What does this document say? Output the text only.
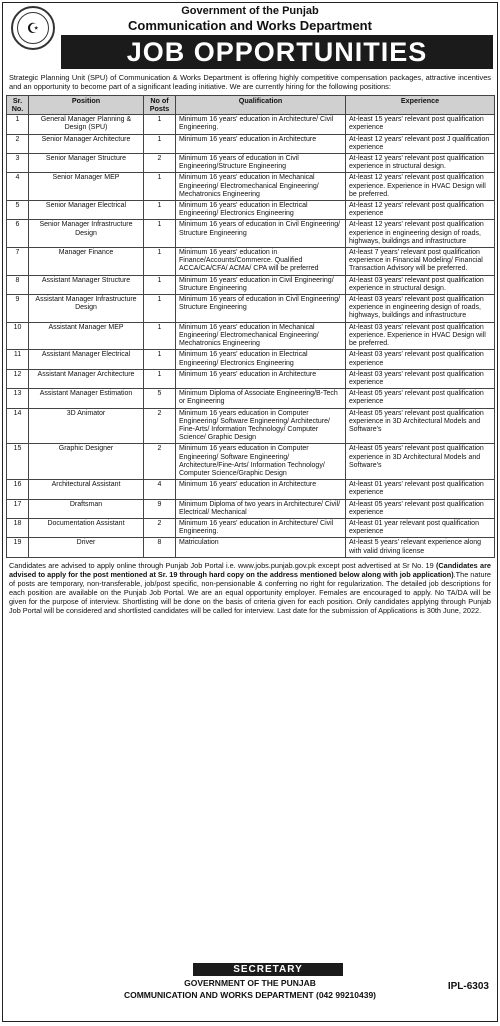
☪
Government of the Punjab
Communication and Works Department
JOB OPPORTUNITIES
Strategic Planning Unit (SPU) of Communication & Works Department is offering highly competitive compensation packages, attractive incentives and an opportunity to become part of a significant leading initiative. We are currently hiring for the following positions:
Sr. No.	Position	No of Posts	Qualification	Experience
1	General Manager Planning & Design (SPU)	1	Minimum 16 years' education in Architecture/ Civil Engineering.	At-least 15 years' relevant post qualification experience
2	Senior Manager Architecture	1	Minimum 16 years' education in Architecture	At-least 12 years' relevant post J qualification experience
3	Senior Manager Structure	2	Minimum 16 years of education in Civil Engineering/Structure Engineering	At-least 12 years' relevant post qualification experience in structural design.
4	Senior Manager MEP	1	Minimum 16 years' education in Mechanical Engineering/ Electromechanical Engineering/ Mechatronics Engineering	At-least 12 years' relevant post qualification experience. Experience in HVAC Design will be preferred.
5	Senior Manager Electrical	1	Minimum 16 years' education in Electrical Engineering/ Electronics Engineering	At-least 12 years' relevant post qualification experience
6	Senior Manager Infrastructure Design	1	Minimum 16 years of education in Civil Engineering/ Structure Engineering	At-least 12 years' relevant post qualification experience in engineering design of roads, highways, buildings and infrastructure
7	Manager Finance	1	Minimum 16 years' education in Finance/Accounts/Commerce. Qualified ACCA/CA/CFA/ ACMA/ CPA will be preferred	At-least 7 years' relevant post qualification experience in Financial Modeling/ Financial Transaction Advisory will be preferred.
8	Assistant Manager Structure	1	Minimum 16 years' education in Civil Engineering/ Structure Engineering	At-least 03 years' relevant post qualification experience in structural design.
9	Assistant Manager Infrastructure Design	1	Minimum 16 years of education in Civil Engineering/ Structure Engineering	At-least 03 years' relevant post qualification experience in engineering design of roads, highways, buildings and infrastructure
10	Assistant Manager MEP	1	Minimum 16 years' education in Mechanical Engineering/ Electromechanical Engineering/ Mechatronics Engineering	At-least 03 years' relevant post qualification experience. Experience in HVAC Design will be preferred.
11	Assistant Manager Electrical	1	Minimum 16 years' education in Electrical Engineering/ Electronics Engineering	At-least 03 years' relevant post qualification experience
12	Assistant Manager Architecture	1	Minimum 16 years' education in Architecture	At-least 03 years' relevant post qualification experience
13	Assistant Manager Estimation	5	Minimum Diploma of Associate Engineering/B-Tech or Engineering	At-least 05 years' relevant post qualification experience
14	3D Animator	2	Minimum 16 years education in Computer Engineering/ Software Engineering/ Architecture/ Fine-Arts/ Information Technology/ Computer Science/ Graphic Design	At-least 05 years' relevant post qualification experience in 3D Architectural Models and Software's
15	Graphic Designer	2	Minimum 16 years education in Computer Engineering/ Software Engineering/ Architecture/Fine-Arts/ Information Technology/ Computer Science/Graphic Design	At-least 05 years' relevant post qualification experience in 3D Architectural Models and Software's
16	Architectural Assistant	4	Minimum 16 years' education in Architecture	At-least 01 years' relevant post qualification experience
17	Draftsman	9	Minimum Diploma of two years in Architecture/ Civil/ Electrical/ Mechanical	At-least 05 years' relevant post qualification experience
18	Documentation Assistant	2	Minimum 16 years' education in Architecture/ Civil Engineering.	At-least 01 year relevant post qualification experience
19	Driver	8	Matriculation	At-least 5 years' relevant experience along with valid driving license
Candidates are advised to apply online through Punjab Job Portal i.e. www.jobs.punjab.gov.pk except post advertised at Sr No. 19 (Candidates are advised to apply for the post mentioned at Sr. 19 through hard copy on the address mentioned below along with job application).The nature of posts are temporary, non-transferable, job/post specific, non-pensionable & conferring no right for regularization. The detailed job descriptions for each position are available on the Punjab Job Portal. We are an equal opportunity employer. Females are encouraged to apply. No TA/DA will be given for the purpose of interview. Shortlisting will be done on the basis of criteria given for each position. Only candidates applying through Punjab Job Portal will be considered and shortlisted candidates will be called for interview. Last date for the submission of Applications is 30th June, 2022.
SECRETARY
GOVERNMENT OF THE PUNJAB
COMMUNICATION AND WORKS DEPARTMENT (042 99210439)
IPL-6303
